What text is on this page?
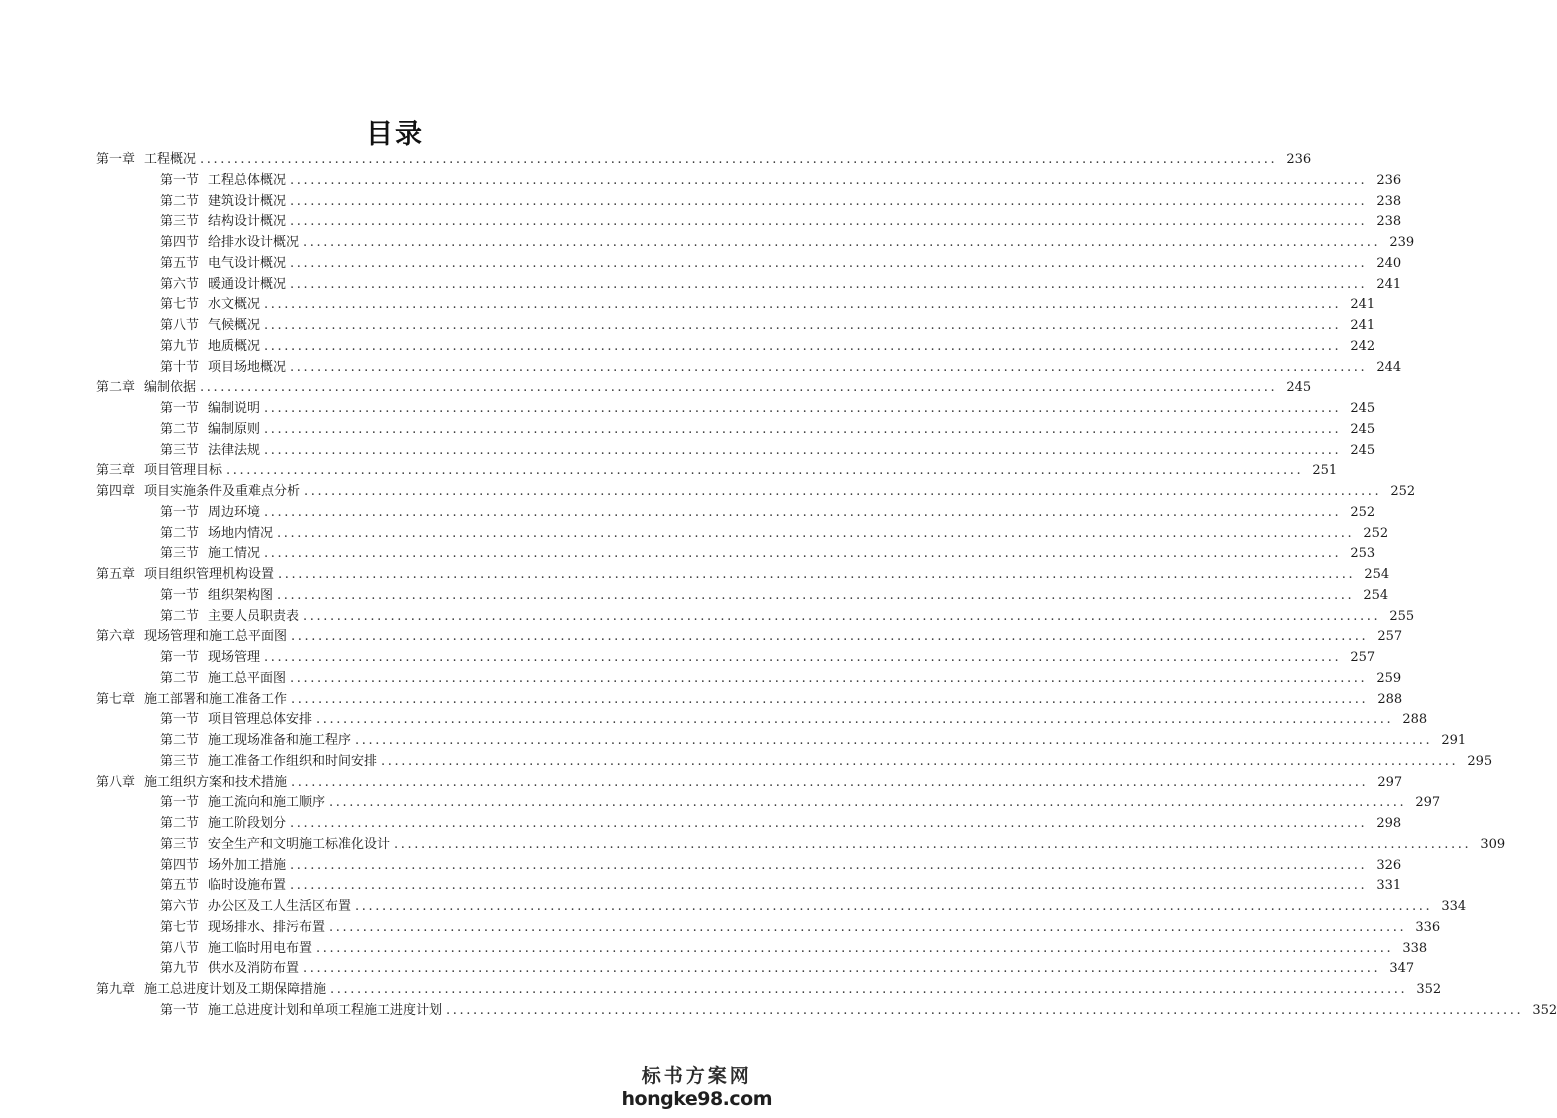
目录
第一章 工程概况 ................................................................................................................................................................ 236
第一节 工程总体概况 ................................................................................................................................................................ 236
第二节 建筑设计概况 ................................................................................................................................................................ 238
第三节 结构设计概况 ................................................................................................................................................................ 238
第四节 给排水设计概况 ................................................................................................................................................................ 239
第五节 电气设计概况 ................................................................................................................................................................ 240
第六节 暖通设计概况 ................................................................................................................................................................ 241
第七节 水文概况 ................................................................................................................................................................ 241
第八节 气候概况 ................................................................................................................................................................ 241
第九节 地质概况 ................................................................................................................................................................ 242
第十节 项目场地概况 ................................................................................................................................................................ 244
第二章 编制依据 ................................................................................................................................................................ 245
第一节 编制说明 ................................................................................................................................................................ 245
第二节 编制原则 ................................................................................................................................................................ 245
第三节 法律法规 ................................................................................................................................................................ 245
第三章 项目管理目标 ................................................................................................................................................................ 251
第四章 项目实施条件及重难点分析 ................................................................................................................................................................ 252
第一节 周边环境 ................................................................................................................................................................ 252
第二节 场地内情况 ................................................................................................................................................................ 252
第三节 施工情况 ................................................................................................................................................................ 253
第五章 项目组织管理机构设置 ................................................................................................................................................................ 254
第一节 组织架构图 ................................................................................................................................................................ 254
第二节 主要人员职责表 ................................................................................................................................................................ 255
第六章 现场管理和施工总平面图 ................................................................................................................................................................ 257
第一节 现场管理 ................................................................................................................................................................ 257
第二节 施工总平面图 ................................................................................................................................................................ 259
第七章 施工部署和施工准备工作 ................................................................................................................................................................ 288
第一节 项目管理总体安排 ................................................................................................................................................................ 288
第二节 施工现场准备和施工程序 ................................................................................................................................................................ 291
第三节 施工准备工作组织和时间安排 ................................................................................................................................................................ 295
第八章 施工组织方案和技术措施 ................................................................................................................................................................ 297
第一节 施工流向和施工顺序 ................................................................................................................................................................ 297
第二节 施工阶段划分 ................................................................................................................................................................ 298
第三节 安全生产和文明施工标准化设计 ................................................................................................................................................................ 309
第四节 场外加工措施 ................................................................................................................................................................ 326
第五节 临时设施布置 ................................................................................................................................................................ 331
第六节 办公区及工人生活区布置 ................................................................................................................................................................ 334
第七节 现场排水、排污布置 ................................................................................................................................................................ 336
第八节 施工临时用电布置 ................................................................................................................................................................ 338
第九节 供水及消防布置 ................................................................................................................................................................ 347
第九章 施工总进度计划及工期保障措施 ................................................................................................................................................................ 352
第一节 施工总进度计划和单项工程施工进度计划 ................................................................................................................................................................ 352
标书方案网
hongke98.com
